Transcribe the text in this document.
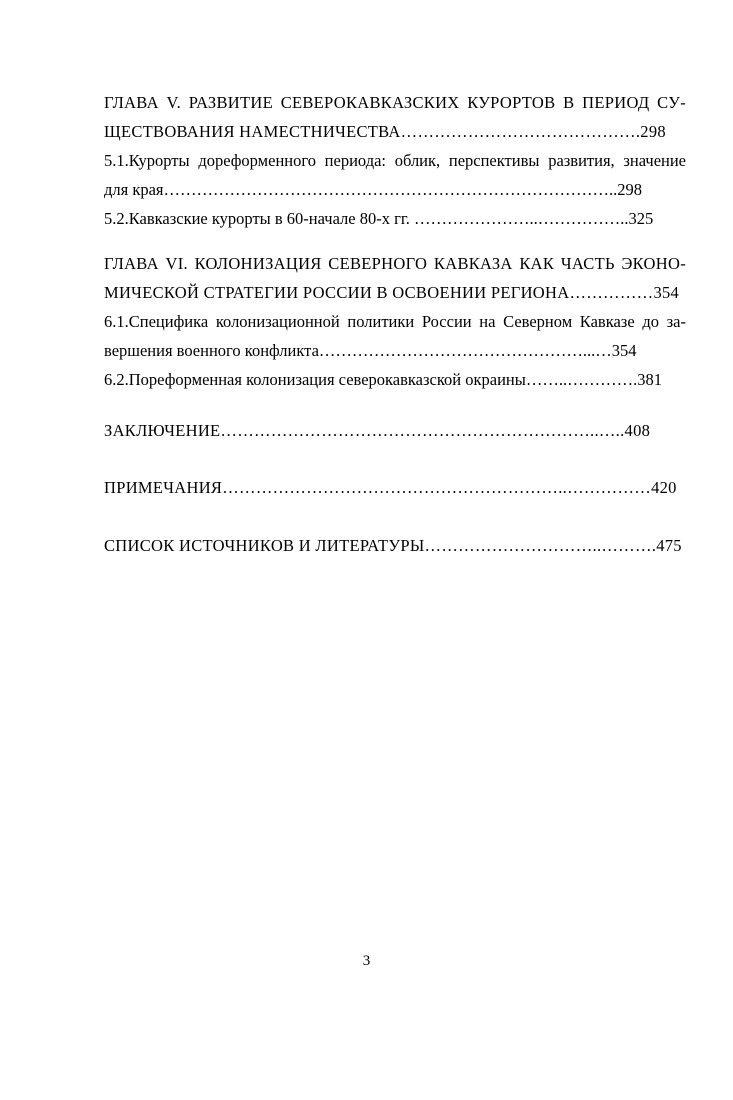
ГЛАВА V. РАЗВИТИЕ СЕВЕРОКАВКАЗСКИХ КУРОРТОВ В ПЕРИОД СУ-
ЩЕСТВОВАНИЯ НАМЕСТНИЧЕСТВА…………………………………….298
5.1.Курорты дореформенного периода: облик, перспективы развития, значение
для края………………………………………………………………………..298
5.2.Кавказские курорты в 60-начале 80-х гг. …………………..……………..325
ГЛАВА VI. КОЛОНИЗАЦИЯ СЕВЕРНОГО КАВКАЗА КАК ЧАСТЬ ЭКОНО-
МИЧЕСКОЙ СТРАТЕГИИ РОССИИ В ОСВОЕНИИ РЕГИОНА……………354
6.1.Специфика колонизационной политики России на Северном Кавказе до за-
вершения военного конфликта…………………………………………...…354
6.2.Пореформенная колонизация северокавказской окраины……..………….381
ЗАКЛЮЧЕНИЕ…………………………………………………………..…..408
ПРИМЕЧАНИЯ……………………………………………………..……………420
СПИСОК ИСТОЧНИКОВ И ЛИТЕРАТУРЫ…………………………..……….475
3
